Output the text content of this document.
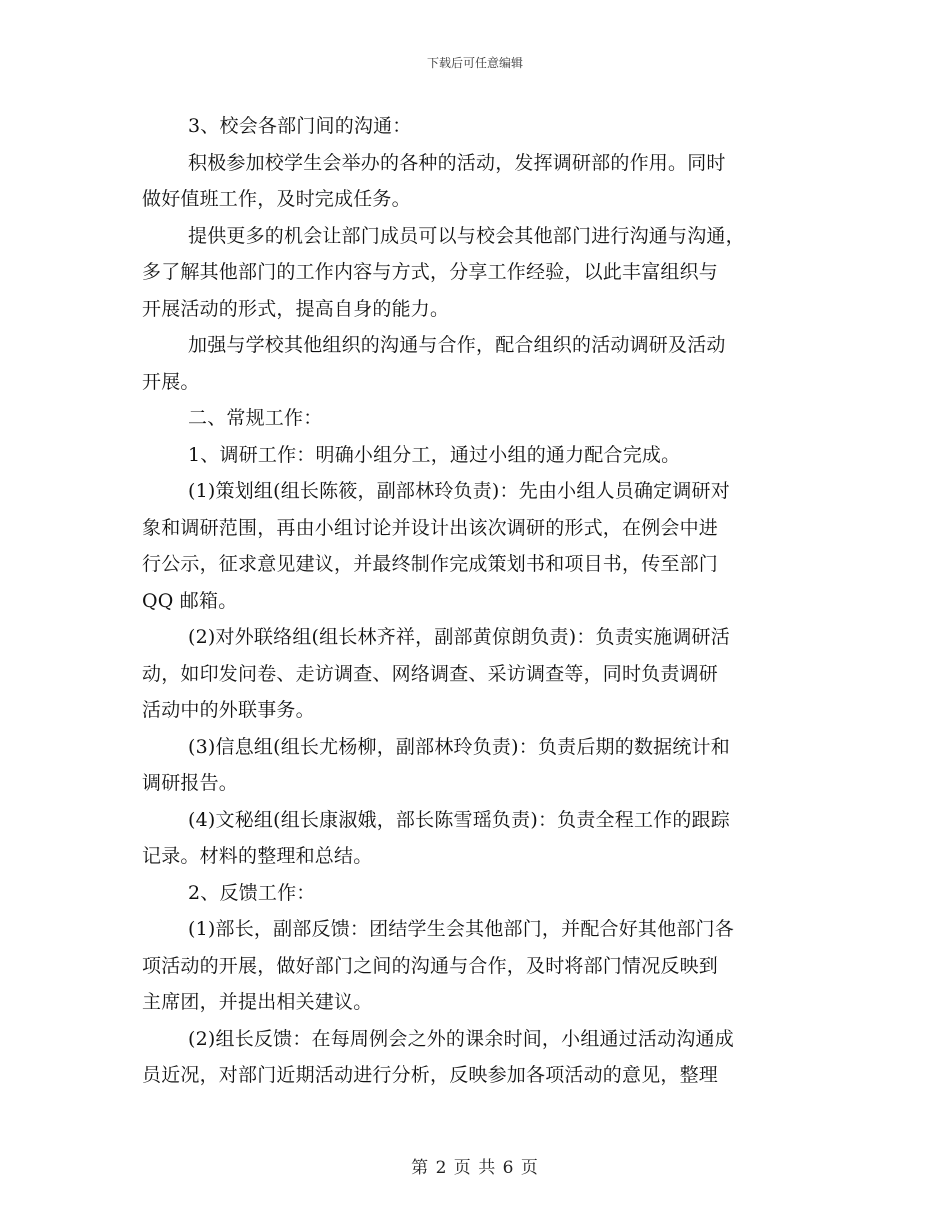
下载后可任意编辑
3、校会各部门间的沟通：
积极参加校学生会举办的各种的活动，发挥调研部的作用。同时
做好值班工作，及时完成任务。
提供更多的机会让部门成员可以与校会其他部门进行沟通与沟通，
多了解其他部门的工作内容与方式，分享工作经验，以此丰富组织与
开展活动的形式，提高自身的能力。
加强与学校其他组织的沟通与合作，配合组织的活动调研及活动
开展。
二、常规工作：
1、调研工作：明确小组分工，通过小组的通力配合完成。
(1)策划组(组长陈筱，副部林玲负责)：先由小组人员确定调研对
象和调研范围，再由小组讨论并设计出该次调研的形式，在例会中进
行公示，征求意见建议，并最终制作完成策划书和项目书，传至部门
QQ 邮箱。
(2)对外联络组(组长林齐祥，副部黄倞朗负责)：负责实施调研活
动，如印发问卷、走访调查、网络调查、采访调查等，同时负责调研
活动中的外联事务。
(3)信息组(组长尤杨柳，副部林玲负责)：负责后期的数据统计和
调研报告。
(4)文秘组(组长康淑娥，部长陈雪瑶负责)：负责全程工作的跟踪
记录。材料的整理和总结。
2、反馈工作：
(1)部长，副部反馈：团结学生会其他部门，并配合好其他部门各
项活动的开展，做好部门之间的沟通与合作，及时将部门情况反映到
主席团，并提出相关建议。
(2)组长反馈：在每周例会之外的课余时间，小组通过活动沟通成
员近况，对部门近期活动进行分析，反映参加各项活动的意见，整理
第 2 页 共 6 页
